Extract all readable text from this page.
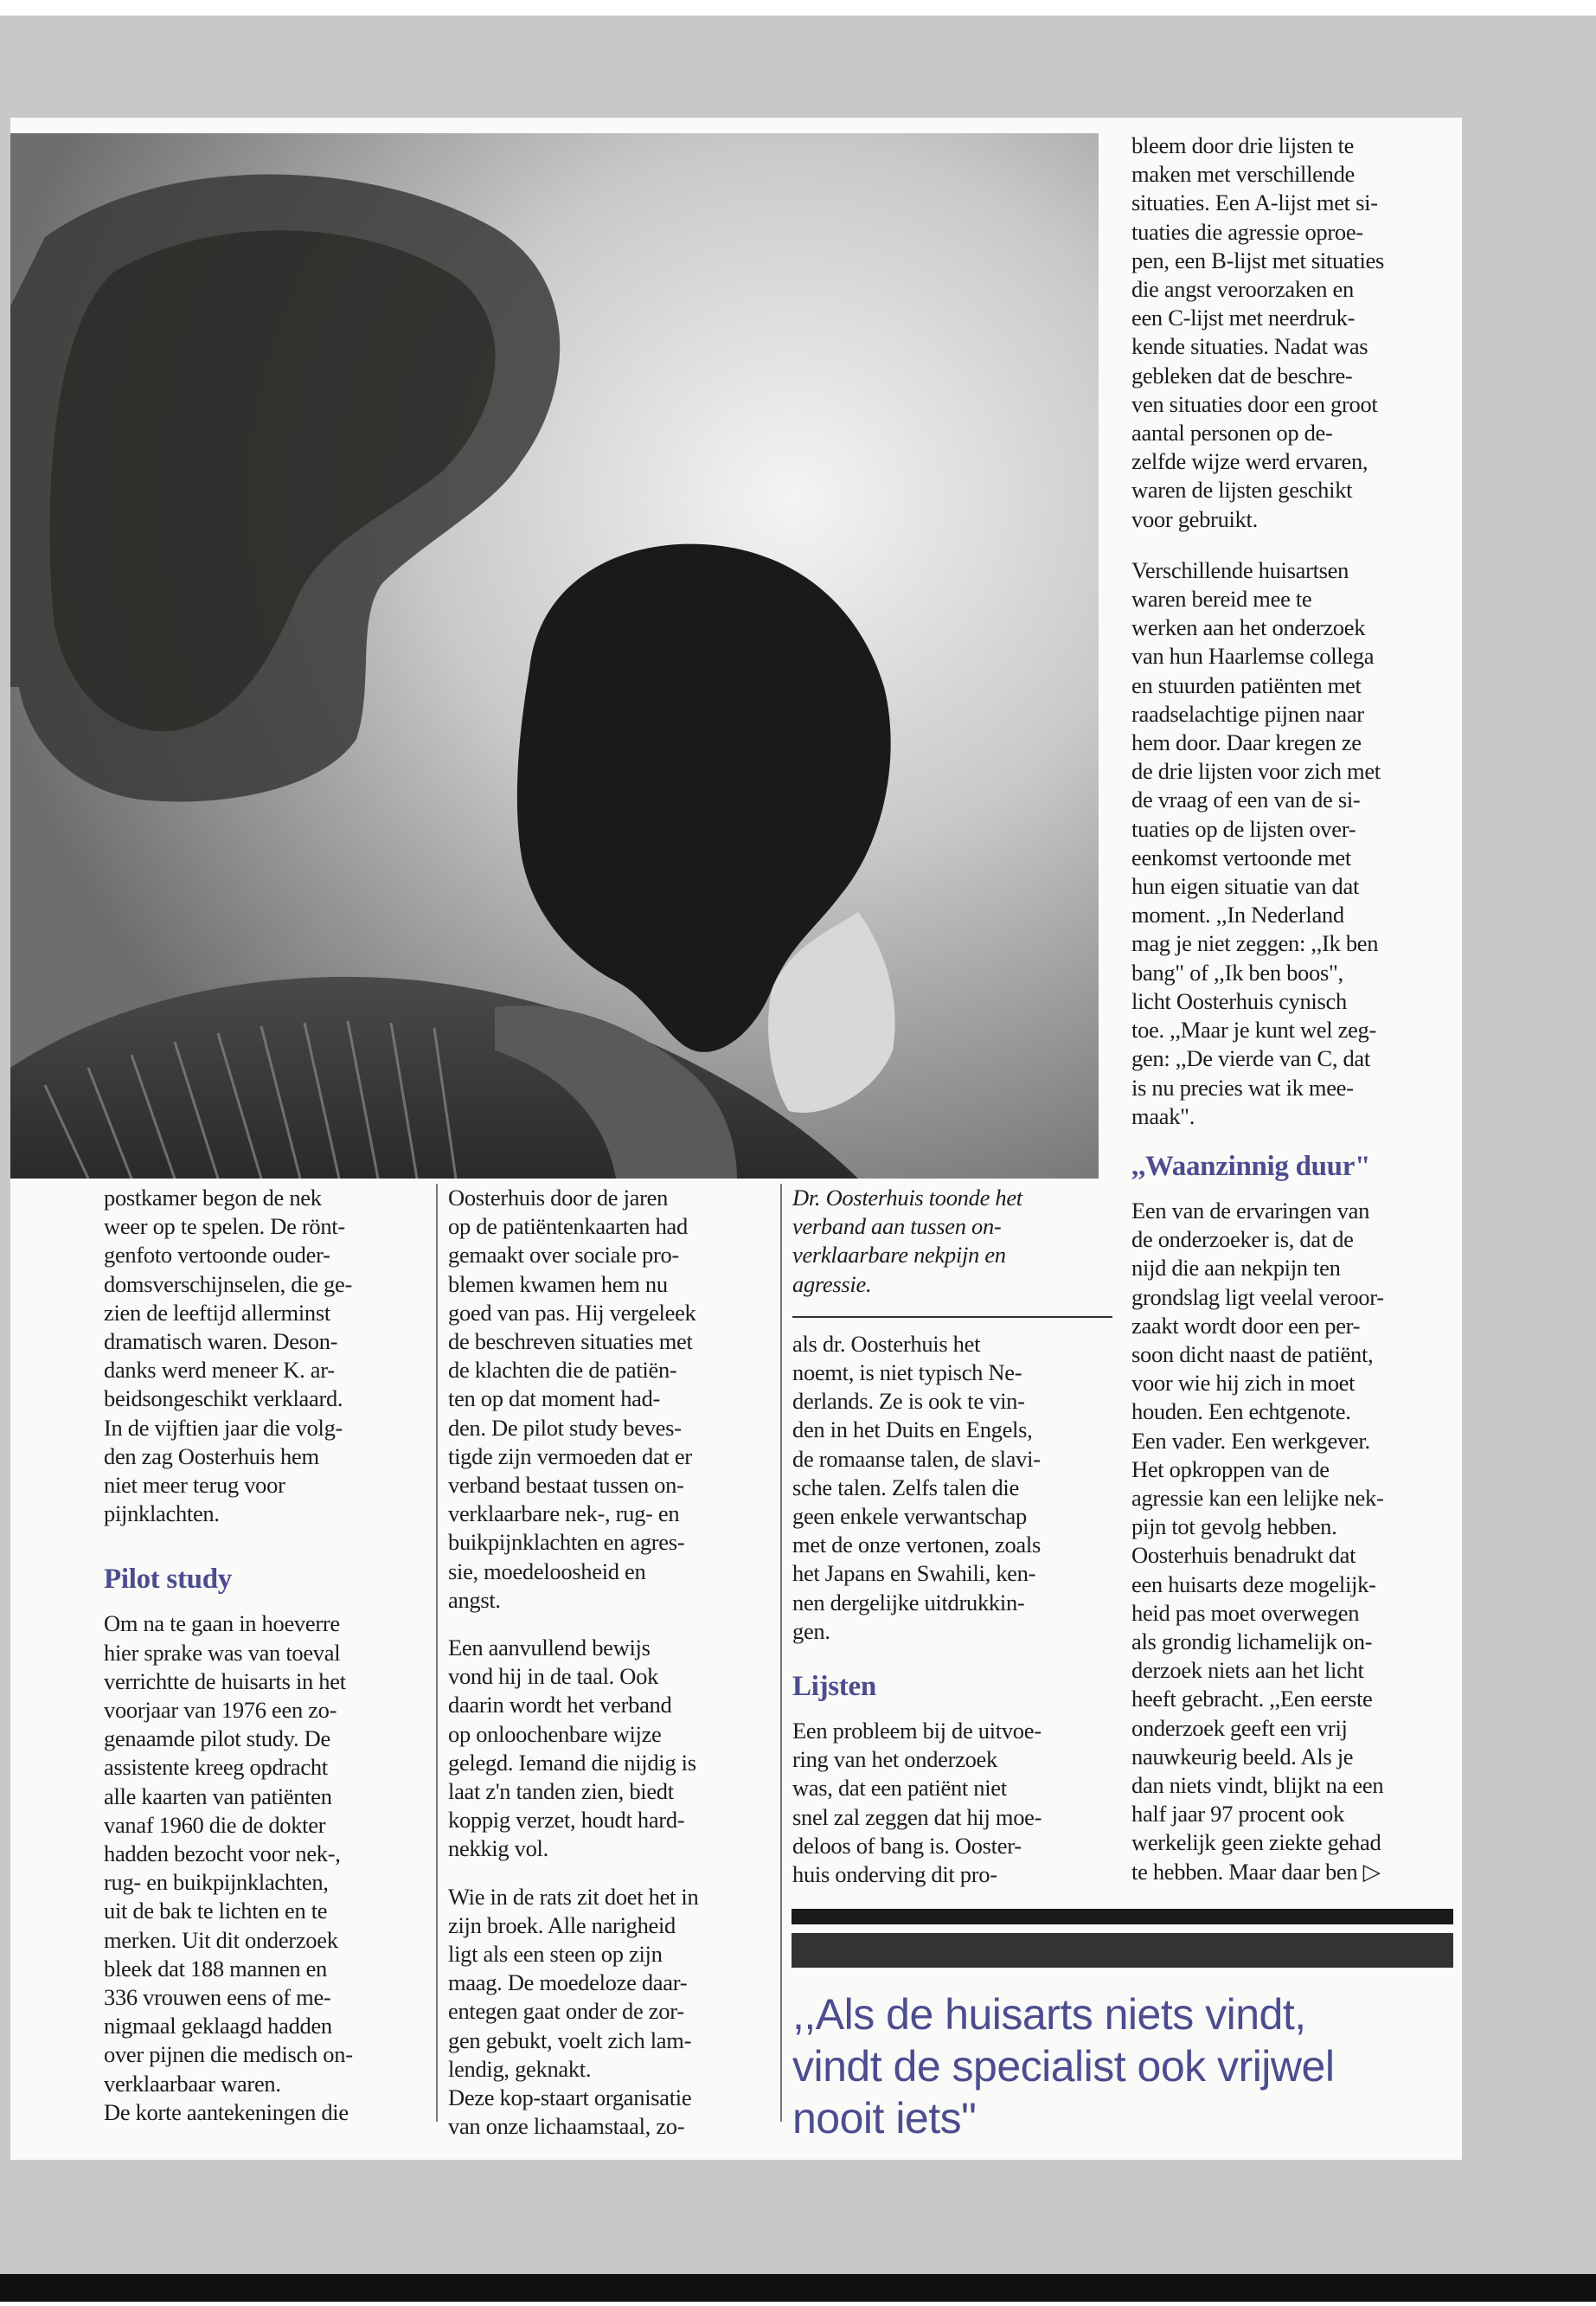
bleem door drie lijsten te
maken met verschillende
situaties. Een A-lijst met si-
tuaties die agressie oproe-
pen, een B-lijst met situaties
die angst veroorzaken en
een C-lijst met neerdruk-
kende situaties. Nadat was
gebleken dat de beschre-
ven situaties door een groot
aantal personen op de-
zelfde wijze werd ervaren,
waren de lijsten geschikt
voor gebruikt.

Verschillende huisartsen
waren bereid mee te
werken aan het onderzoek
van hun Haarlemse collega
en stuurden patiënten met
raadselachtige pijnen naar
hem door. Daar kregen ze
de drie lijsten voor zich met
de vraag of een van de si-
tuaties op de lijsten over-
eenkomst vertoonde met
hun eigen situatie van dat
moment. ,,In Nederland
mag je niet zeggen: ,,Ik ben
bang" of ,,Ik ben boos",
licht Oosterhuis cynisch
toe. ,,Maar je kunt wel zeg-
gen: ,,De vierde van C, dat
is nu precies wat ik mee-
maak".

,,Waanzinnig duur"

Een van de ervaringen van
de onderzoeker is, dat de
nijd die aan nekpijn ten
grondslag ligt veelal veroor-
zaakt wordt door een per-
soon dicht naast de patiënt,
voor wie hij zich in moet
houden. Een echtgenote.
Een vader. Een werkgever.
Het opkroppen van de
agressie kan een lelijke nek-
pijn tot gevolg hebben.
Oosterhuis benadrukt dat
een huisarts deze mogelijk-
heid pas moet overwegen
als grondig lichamelijk on-
derzoek niets aan het licht
heeft gebracht. ,,Een eerste
onderzoek geeft een vrij
nauwkeurig beeld. Als je
dan niets vindt, blijkt na een
half jaar 97 procent ook
werkelijk geen ziekte gehad
te hebben. Maar daar ben ▷

postkamer begon de nek
weer op te spelen. De rönt-
genfoto vertoonde ouder-
domsverschijnselen, die ge-
zien de leeftijd allerminst
dramatisch waren. Deson-
danks werd meneer K. ar-
beidsongeschikt verklaard.
In de vijftien jaar die volg-
den zag Oosterhuis hem
niet meer terug voor
pijnklachten.

Pilot study

Om na te gaan in hoeverre
hier sprake was van toeval
verrichtte de huisarts in het
voorjaar van 1976 een zo-
genaamde pilot study. De
assistente kreeg opdracht
alle kaarten van patiënten
vanaf 1960 die de dokter
hadden bezocht voor nek-,
rug- en buikpijnklachten,
uit de bak te lichten en te
merken. Uit dit onderzoek
bleek dat 188 mannen en
336 vrouwen eens of me-
nigmaal geklaagd hadden
over pijnen die medisch on-
verklaarbaar waren.
De korte aantekeningen die

Oosterhuis door de jaren
op de patiëntenkaarten had
gemaakt over sociale pro-
blemen kwamen hem nu
goed van pas. Hij vergeleek
de beschreven situaties met
de klachten die de patiën-
ten op dat moment had-
den. De pilot study beves-
tigde zijn vermoeden dat er
verband bestaat tussen on-
verklaarbare nek-, rug- en
buikpijnklachten en agres-
sie, moedeloosheid en
angst.

Een aanvullend bewijs
vond hij in de taal. Ook
daarin wordt het verband
op onloochenbare wijze
gelegd. Iemand die nijdig is
laat z'n tanden zien, biedt
koppig verzet, houdt hard-
nekkig vol.

Wie in de rats zit doet het in
zijn broek. Alle narigheid
ligt als een steen op zijn
maag. De moedeloze daar-
entegen gaat onder de zor-
gen gebukt, voelt zich lam-
lendig, geknakt.
Deze kop-staart organisatie
van onze lichaamstaal, zo-

Dr. Oosterhuis toonde het
verband aan tussen on-
verklaarbare nekpijn en
agressie.

als dr. Oosterhuis het
noemt, is niet typisch Ne-
derlands. Ze is ook te vin-
den in het Duits en Engels,
de romaanse talen, de slavi-
sche talen. Zelfs talen die
geen enkele verwantschap
met de onze vertonen, zoals
het Japans en Swahili, ken-
nen dergelijke uitdrukkin-
gen.

Lijsten

Een probleem bij de uitvoe-
ring van het onderzoek
was, dat een patiënt niet
snel zal zeggen dat hij moe-
deloos of bang is. Ooster-
huis onderving dit pro-

,,Als de huisarts niets vindt,
vindt de specialist ook vrijwel
nooit iets"
7
